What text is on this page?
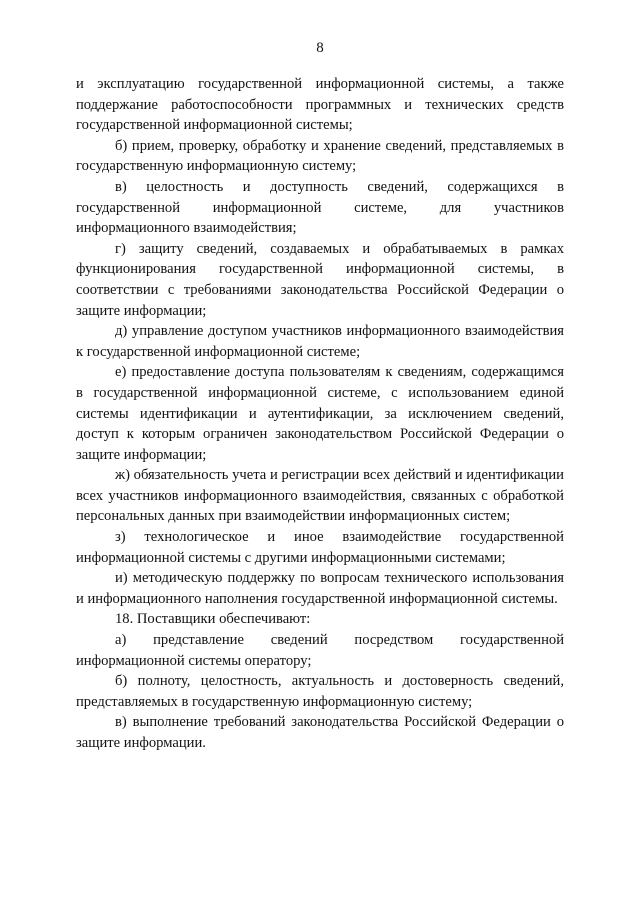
8

и эксплуатацию государственной информационной системы, а также поддержание работоспособности программных и технических средств государственной информационной системы;

б) прием, проверку, обработку и хранение сведений, представляемых в государственную информационную систему;

в) целостность и доступность сведений, содержащихся в государственной информационной системе, для участников информационного взаимодействия;

г) защиту сведений, создаваемых и обрабатываемых в рамках функционирования государственной информационной системы, в соответствии с требованиями законодательства Российской Федерации о защите информации;

д) управление доступом участников информационного взаимодействия к государственной информационной системе;

е) предоставление доступа пользователям к сведениям, содержащимся в государственной информационной системе, с использованием единой системы идентификации и аутентификации, за исключением сведений, доступ к которым ограничен законодательством Российской Федерации о защите информации;

ж) обязательность учета и регистрации всех действий и идентификации всех участников информационного взаимодействия, связанных с обработкой персональных данных при взаимодействии информационных систем;

з) технологическое и иное взаимодействие государственной информационной системы с другими информационными системами;

и) методическую поддержку по вопросам технического использования и информационного наполнения государственной информационной системы.

18. Поставщики обеспечивают:

а) представление сведений посредством государственной информационной системы оператору;

б) полноту, целостность, актуальность и достоверность сведений, представляемых в государственную информационную систему;

в) выполнение требований законодательства Российской Федерации о защите информации.
